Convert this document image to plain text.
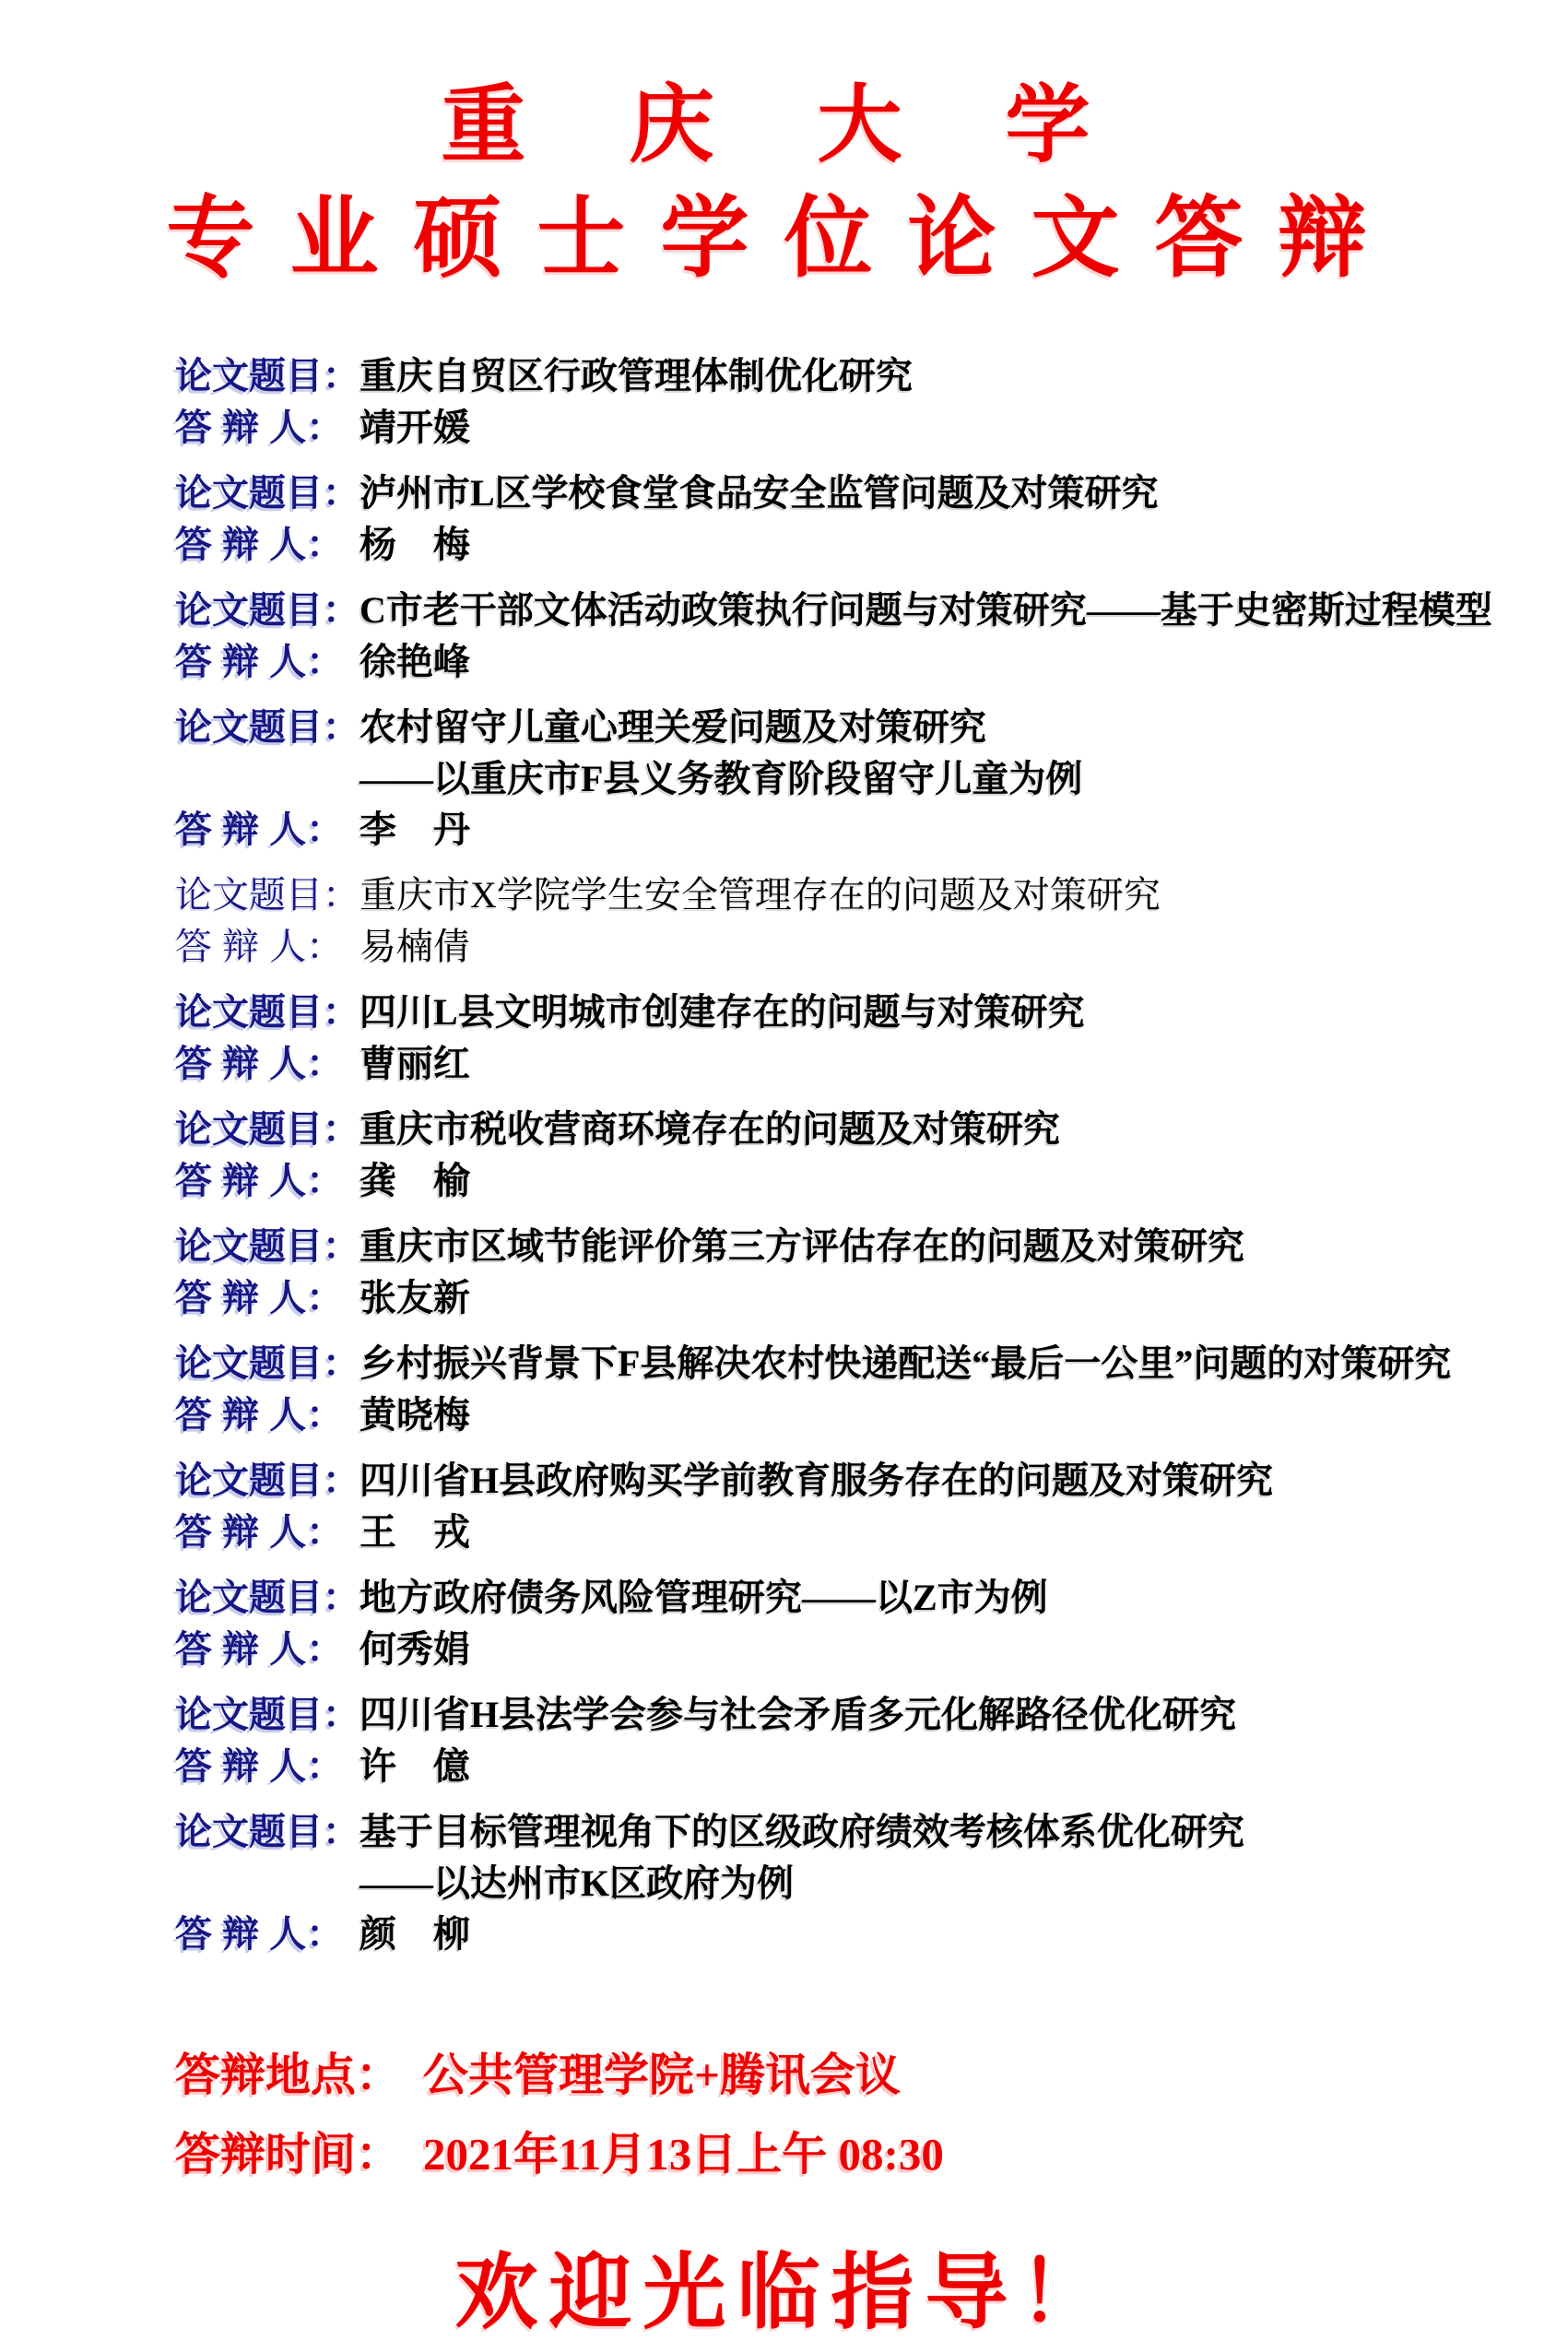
重 庆 大 学
专业硕士学位论文答辩
论文题目： 重庆自贸区行政管理体制优化研究
答 辩 人： 靖开媛
论文题目： 泸州市L区学校食堂食品安全监管问题及对策研究
答 辩 人： 杨　梅
论文题目： C市老干部文体活动政策执行问题与对策研究——基于史密斯过程模型
答 辩 人： 徐艳峰
论文题目： 农村留守儿童心理关爱问题及对策研究
——以重庆市F县义务教育阶段留守儿童为例
答 辩 人： 李　丹
论文题目： 重庆市X学院学生安全管理存在的问题及对策研究
答 辩 人： 易楠倩
论文题目： 四川L县文明城市创建存在的问题与对策研究
答 辩 人： 曹丽红
论文题目： 重庆市税收营商环境存在的问题及对策研究
答 辩 人： 龚　榆
论文题目： 重庆市区域节能评价第三方评估存在的问题及对策研究
答 辩 人： 张友新
论文题目： 乡村振兴背景下F县解决农村快递配送“最后一公里”问题的对策研究
答 辩 人： 黄晓梅
论文题目： 四川省H县政府购买学前教育服务存在的问题及对策研究
答 辩 人： 王　戎
论文题目： 地方政府债务风险管理研究——以Z市为例
答 辩 人： 何秀娟
论文题目： 四川省H县法学会参与社会矛盾多元化解路径优化研究
答 辩 人： 许　億
论文题目： 基于目标管理视角下的区级政府绩效考核体系优化研究
——以达州市K区政府为例
答 辩 人： 颜　柳
答辩地点： 公共管理学院+腾讯会议
答辩时间： 2021年11月13日上午 08:30
欢迎光临指导！
